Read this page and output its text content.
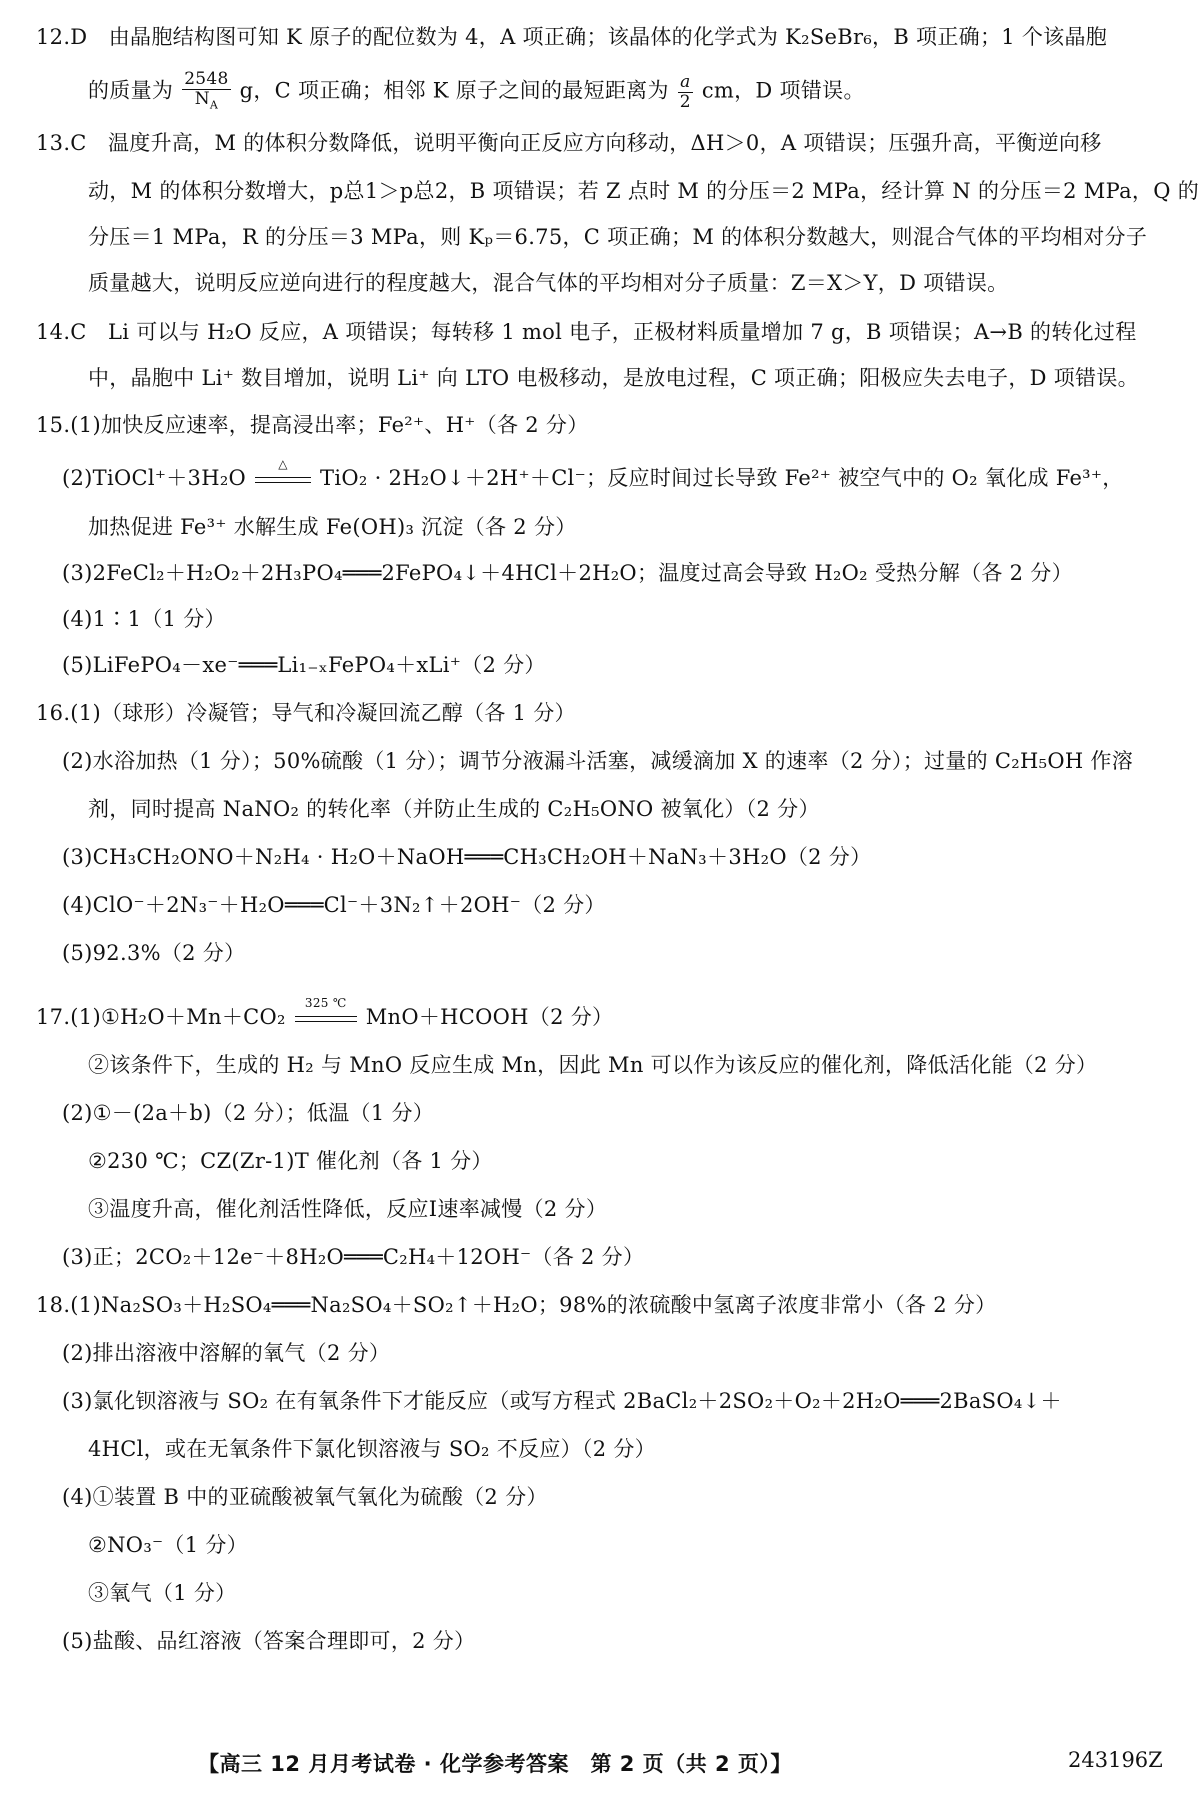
12.D　由晶胞结构图可知 K 原子的配位数为 4，A 项正确；该晶体的化学式为 K₂SeBr₆，B 项正确；1 个该晶胞
的质量为 $\frac{2548}{N_A}$ g，C 项正确；相邻 K 原子之间的最短距离为 $\frac{a}{2}$ cm，D 项错误。
13.C　温度升高，M 的体积分数降低，说明平衡向正反应方向移动，ΔH＞0，A 项错误；压强升高，平衡逆向移
动，M 的体积分数增大，p总1＞p总2，B 项错误；若 Z 点时 M 的分压＝2 MPa，经计算 N 的分压＝2 MPa，Q 的
分压＝1 MPa，R 的分压＝3 MPa，则 Kₚ＝6.75，C 项正确；M 的体积分数越大，则混合气体的平均相对分子
质量越大，说明反应逆向进行的程度越大，混合气体的平均相对分子质量：Z＝X＞Y，D 项错误。
14.C　Li 可以与 H₂O 反应，A 项错误；每转移 1 mol 电子，正极材料质量增加 7 g，B 项错误；A→B 的转化过程
中，晶胞中 Li⁺ 数目增加，说明 Li⁺ 向 LTO 电极移动，是放电过程，C 项正确；阳极应失去电子，D 项错误。
15.(1)加快反应速率，提高浸出率；Fe²⁺、H⁺（各 2 分）
(2)TiOCl⁺＋3H₂O
△
TiO₂ · 2H₂O↓＋2H⁺＋Cl⁻；反应时间过长导致 Fe²⁺ 被空气中的 O₂ 氧化成 Fe³⁺，
加热促进 Fe³⁺ 水解生成 Fe(OH)₃ 沉淀（各 2 分）
(3)2FeCl₂＋H₂O₂＋2H₃PO₄═══2FePO₄↓＋4HCl＋2H₂O；温度过高会导致 H₂O₂ 受热分解（各 2 分）
(4)1∶1（1 分）
(5)LiFePO₄－xe⁻═══Li₁₋ₓFePO₄＋xLi⁺（2 分）
16.(1)（球形）冷凝管；导气和冷凝回流乙醇（各 1 分）
(2)水浴加热（1 分）；50%硫酸（1 分）；调节分液漏斗活塞，减缓滴加 X 的速率（2 分）；过量的 C₂H₅OH 作溶
剂，同时提高 NaNO₂ 的转化率（并防止生成的 C₂H₅ONO 被氧化）（2 分）
(3)CH₃CH₂ONO＋N₂H₄ · H₂O＋NaOH═══CH₃CH₂OH＋NaN₃＋3H₂O（2 分）
(4)ClO⁻＋2N₃⁻＋H₂O═══Cl⁻＋3N₂↑＋2OH⁻（2 分）
(5)92.3%（2 分）
17.(1)①H₂O＋Mn＋CO₂
325 ℃
MnO＋HCOOH（2 分）
②该条件下，生成的 H₂ 与 MnO 反应生成 Mn，因此 Mn 可以作为该反应的催化剂，降低活化能（2 分）
(2)①－(2a＋b)（2 分）；低温（1 分）
②230 ℃；CZ(Zr-1)T 催化剂（各 1 分）
③温度升高，催化剂活性降低，反应Ⅰ速率减慢（2 分）
(3)正；2CO₂＋12e⁻＋8H₂O═══C₂H₄＋12OH⁻（各 2 分）
18.(1)Na₂SO₃＋H₂SO₄═══Na₂SO₄＋SO₂↑＋H₂O；98%的浓硫酸中氢离子浓度非常小（各 2 分）
(2)排出溶液中溶解的氧气（2 分）
(3)氯化钡溶液与 SO₂ 在有氧条件下才能反应（或写方程式 2BaCl₂＋2SO₂＋O₂＋2H₂O═══2BaSO₄↓＋
4HCl，或在无氧条件下氯化钡溶液与 SO₂ 不反应）（2 分）
(4)①装置 B 中的亚硫酸被氧气氧化为硫酸（2 分）
②NO₃⁻（1 分）
③氧气（1 分）
(5)盐酸、品红溶液（答案合理即可，2 分）
【高三 12 月月考试卷 · 化学参考答案　第 2 页（共 2 页）】	243196Z
